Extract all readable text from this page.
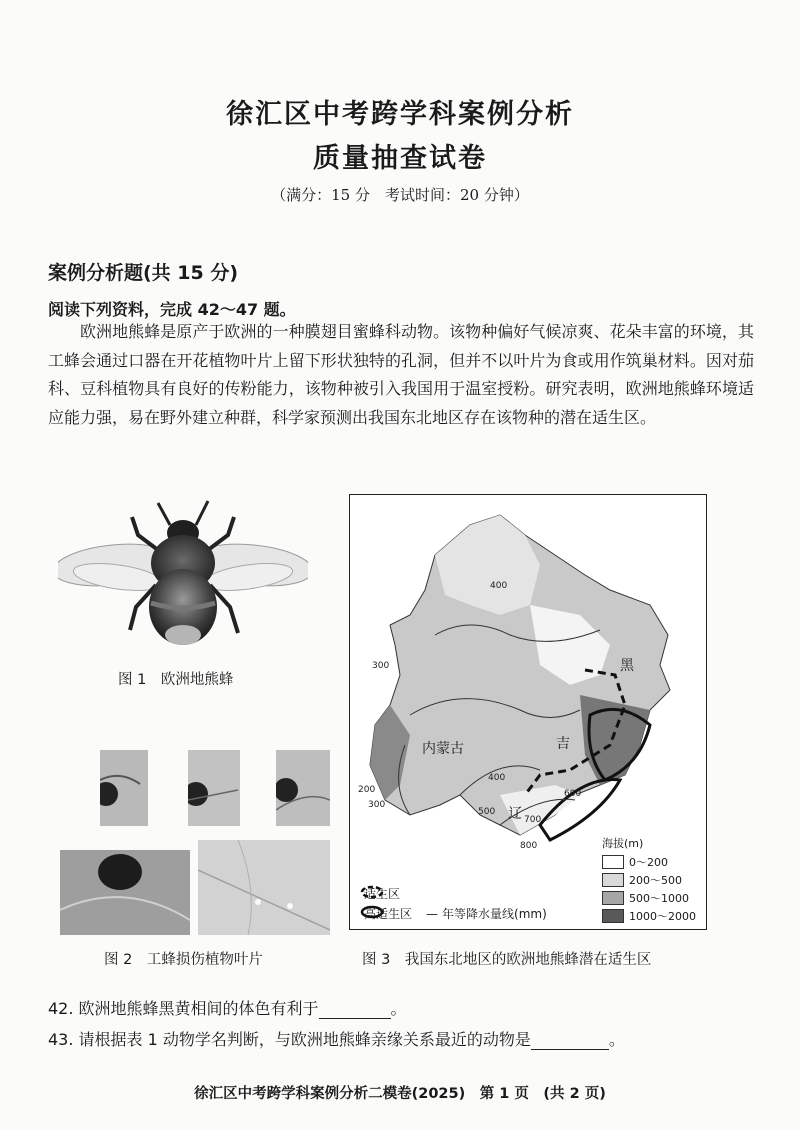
徐汇区中考跨学科案例分析
质量抽查试卷
（满分：15 分　考试时间：20 分钟）
案例分析题(共 15 分)
阅读下列资料，完成 42～47 题。
欧洲地熊蜂是原产于欧洲的一种膜翅目蜜蜂科动物。该物种偏好气候凉爽、花朵丰富的环境，其工蜂会通过口器在开花植物叶片上留下形状独特的孔洞，但并不以叶片为食或用作筑巢材料。因对茄科、豆科植物具有良好的传粉能力，该物种被引入我国用于温室授粉。研究表明，欧洲地熊蜂环境适应能力强，易在野外建立种群，科学家预测出我国东北地区存在该物种的潜在适生区。
图 1　欧洲地熊蜂
图 2　工蜂损伤植物叶片
黑
内蒙古	吉
辽
400
300
400
200
300
500
600
700
800	海拔(m)
0～200
200～500
500～1000
1000～2000
适生区
高适生区 — 年等降水量线(mm)
图 3　我国东北地区的欧洲地熊蜂潜在适生区
42. 欧洲地熊蜂黑黄相间的体色有利于	。
43. 请根据表 1 动物学名判断，与欧洲地熊蜂亲缘关系最近的动物是	。
徐汇区中考跨学科案例分析二模卷(2025)　第 1 页　(共 2 页)
